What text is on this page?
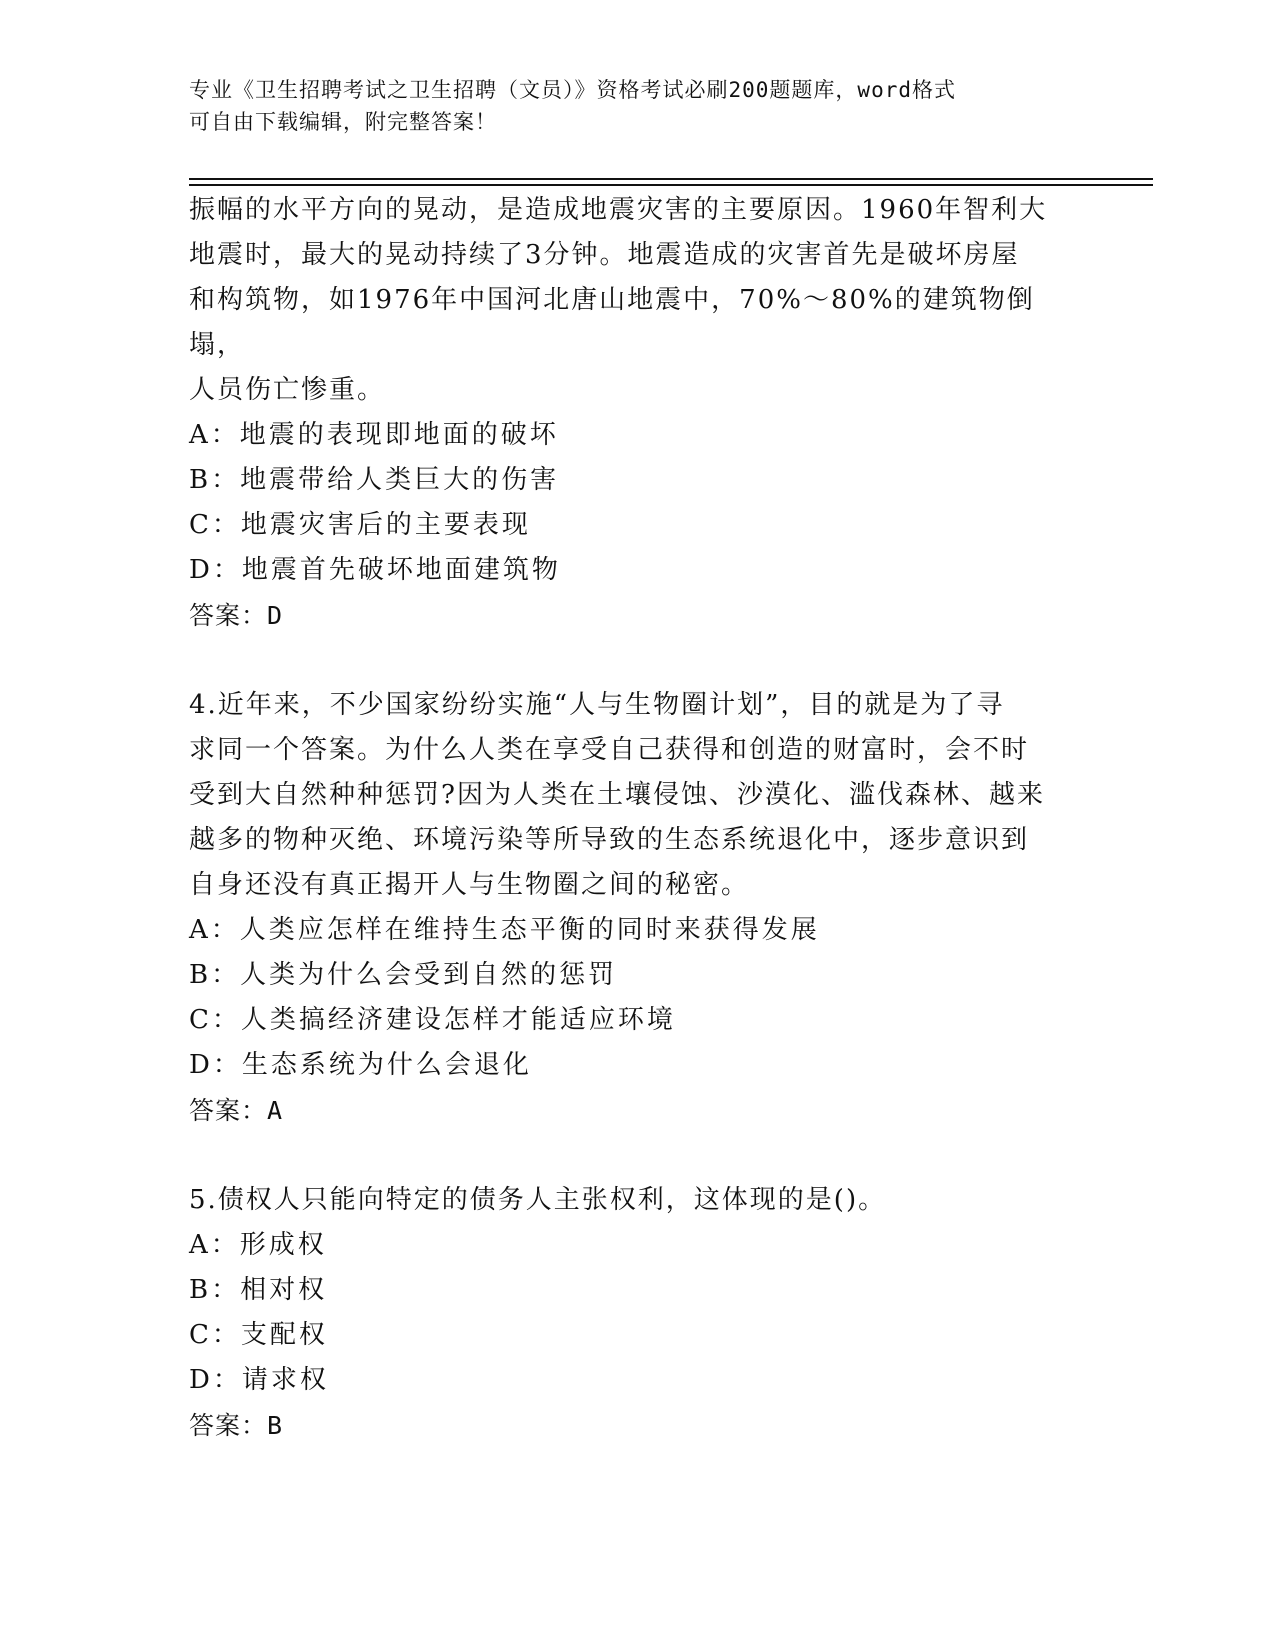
专业《卫生招聘考试之卫生招聘（文员）》资格考试必刷200题题库，word格式
可自由下载编辑，附完整答案！

振幅的水平方向的晃动，是造成地震灾害的主要原因。1960年智利大

地震时，最大的晃动持续了3分钟。地震造成的灾害首先是破坏房屋

和构筑物，如1976年中国河北唐山地震中，70%～80%的建筑物倒塌，

人员伤亡惨重。

A：地震的表现即地面的破坏

B：地震带给人类巨大的伤害

C：地震灾害后的主要表现

D：地震首先破坏地面建筑物

答案：D

4.近年来，不少国家纷纷实施“人与生物圈计划”，目的就是为了寻

求同一个答案。为什么人类在享受自己获得和创造的财富时，会不时

受到大自然种种惩罚?因为人类在土壤侵蚀、沙漠化、滥伐森林、越来

越多的物种灭绝、环境污染等所导致的生态系统退化中，逐步意识到

自身还没有真正揭开人与生物圈之间的秘密。

A：人类应怎样在维持生态平衡的同时来获得发展

B：人类为什么会受到自然的惩罚

C：人类搞经济建设怎样才能适应环境

D：生态系统为什么会退化

答案：A

5.债权人只能向特定的债务人主张权利，这体现的是()。

A：形成权

B：相对权

C：支配权

D：请求权

答案：B
